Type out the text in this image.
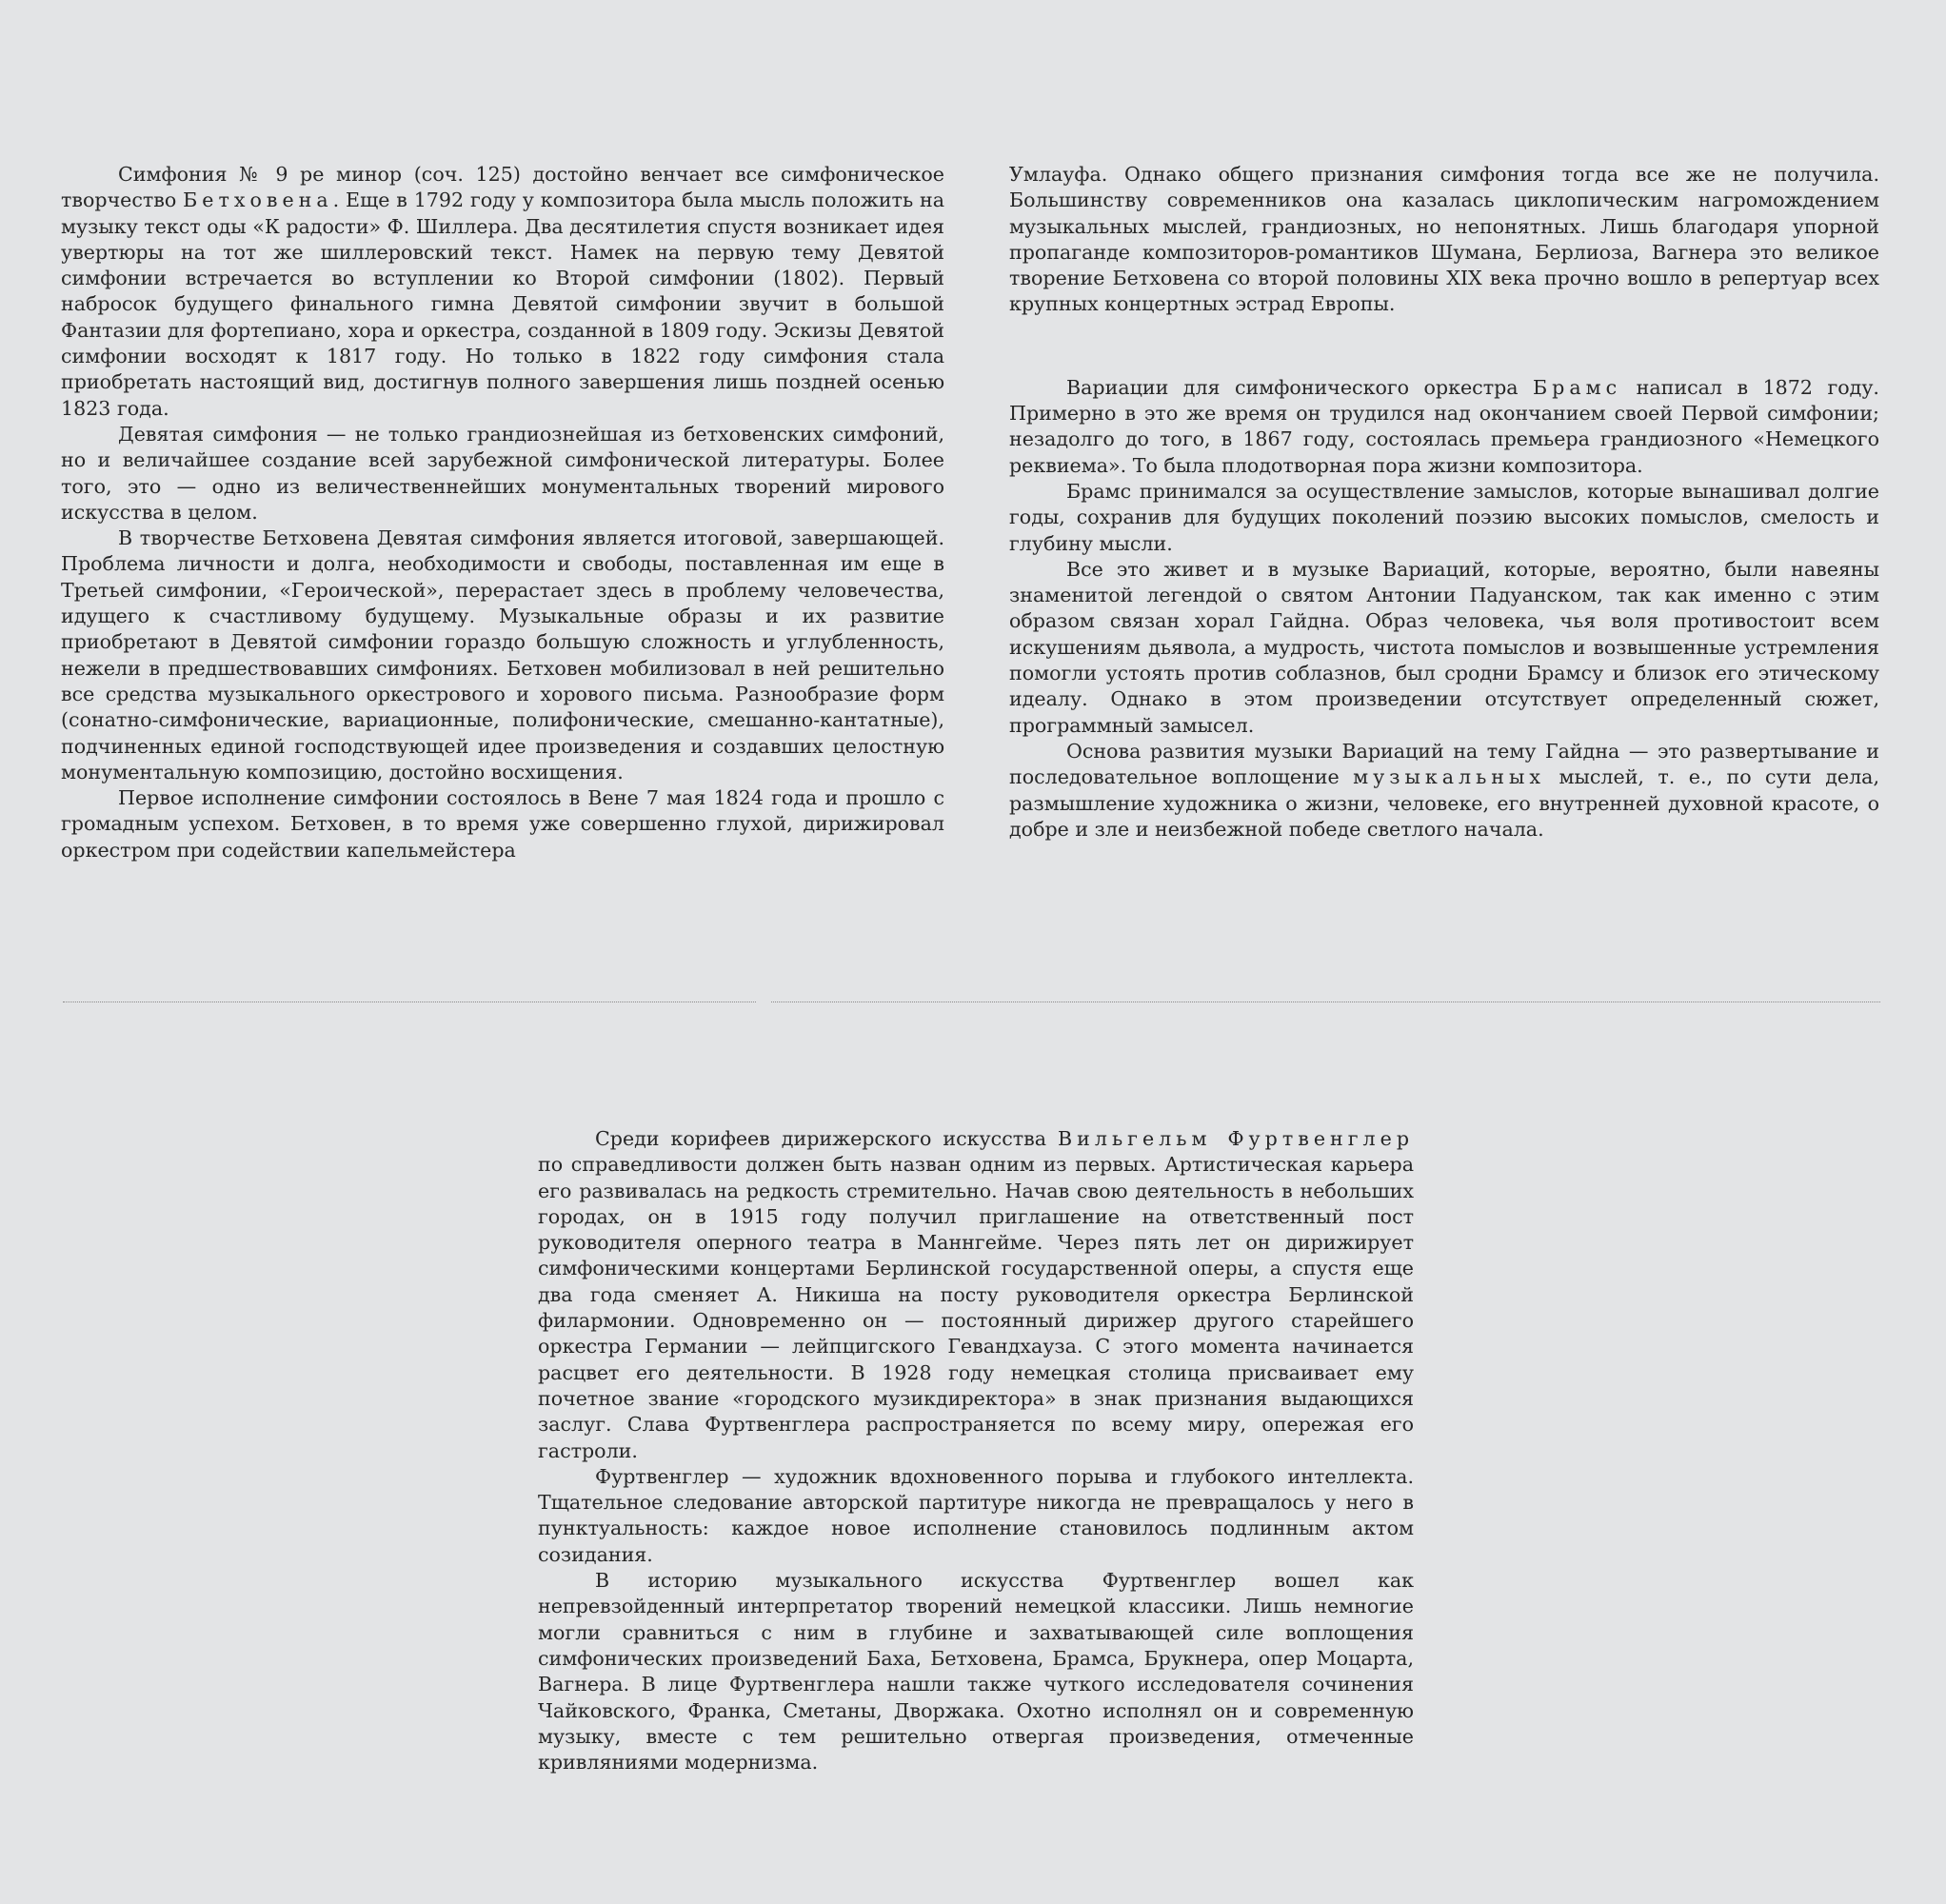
Симфония № 9 ре минор (соч. 125) достойно венчает все симфоническое творчество Бетховена. Еще в 1792 году у композитора была мысль положить на музыку текст оды «К радости» Ф. Шиллера. Два десятилетия спустя возникает идея увертюры на тот же шиллеровский текст. Намек на первую тему Девятой симфонии встречается во вступлении ко Второй симфонии (1802). Первый набросок будущего финального гимна Девятой симфонии звучит в большой Фантазии для фортепиано, хора и оркестра, созданной в 1809 году. Эскизы Девятой симфонии восходят к 1817 году. Но только в 1822 году симфония стала приобретать настоящий вид, достигнув полного завершения лишь поздней осенью 1823 года.

Девятая симфония — не только грандиознейшая из бетховенских симфоний, но и величайшее создание всей зарубежной симфонической литературы. Более того, это — одно из величественнейших монументальных творений мирового искусства в целом.

В творчестве Бетховена Девятая симфония является итоговой, завершающей. Проблема личности и долга, необходимости и свободы, поставленная им еще в Третьей симфонии, «Героической», перерастает здесь в проблему человечества, идущего к счастливому будущему. Музыкальные образы и их развитие приобретают в Девятой симфонии гораздо большую сложность и углубленность, нежели в предшествовавших симфониях. Бетховен мобилизовал в ней решительно все средства музыкального оркестрового и хорового письма. Разнообразие форм (сонатно-симфонические, вариационные, полифонические, смешанно-кантатные), подчиненных единой господствующей идее произведения и создавших целостную монументальную композицию, достойно восхищения.

Первое исполнение симфонии состоялось в Вене 7 мая 1824 года и прошло с громадным успехом. Бетховен, в то время уже совершенно глухой, дирижировал оркестром при содействии капельмейстера

Умлауфа. Однако общего признания симфония тогда все же не получила. Большинству современников она казалась циклопическим нагромождением музыкальных мыслей, грандиозных, но непонятных. Лишь благодаря упорной пропаганде композиторов-романтиков Шумана, Берлиоза, Вагнера это великое творение Бетховена со второй половины XIX века прочно вошло в репертуар всех крупных концертных эстрад Европы.

Вариации для симфонического оркестра Брамс написал в 1872 году. Примерно в это же время он трудился над окончанием своей Первой симфонии; незадолго до того, в 1867 году, состоялась премьера грандиозного «Немецкого реквиема». То была плодотворная пора жизни композитора.

Брамс принимался за осуществление замыслов, которые вынашивал долгие годы, сохранив для будущих поколений поэзию высоких помыслов, смелость и глубину мысли.

Все это живет и в музыке Вариаций, которые, вероятно, были навеяны знаменитой легендой о святом Антонии Падуанском, так как именно с этим образом связан хорал Гайдна. Образ человека, чья воля противостоит всем искушениям дьявола, а мудрость, чистота помыслов и возвышенные устремления помогли устоять против соблазнов, был сродни Брамсу и близок его этическому идеалу. Однако в этом произведении отсутствует определенный сюжет, программный замысел.

Основа развития музыки Вариаций на тему Гайдна — это развертывание и последовательное воплощение музыкальных мыслей, т. е., по сути дела, размышление художника о жизни, человеке, его внутренней духовной красоте, о добре и зле и неизбежной победе светлого начала.

Среди корифеев дирижерского искусства Вильгельм Фуртвенглер по справедливости должен быть назван одним из первых. Артистическая карьера его развивалась на редкость стремительно. Начав свою деятельность в небольших городах, он в 1915 году получил приглашение на ответственный пост руководителя оперного театра в Маннгейме. Через пять лет он дирижирует симфоническими концертами Берлинской государственной оперы, а спустя еще два года сменяет А. Никиша на посту руководителя оркестра Берлинской филармонии. Одновременно он — постоянный дирижер другого старейшего оркестра Германии — лейпцигского Гевандхауза. С этого момента начинается расцвет его деятельности. В 1928 году немецкая столица присваивает ему почетное звание «городского музикдиректора» в знак признания выдающихся заслуг. Слава Фуртвенглера распространяется по всему миру, опережая его гастроли.

Фуртвенглер — художник вдохновенного порыва и глубокого интеллекта. Тщательное следование авторской партитуре никогда не превращалось у него в пунктуальность: каждое новое исполнение становилось подлинным актом созидания.

В историю музыкального искусства Фуртвенглер вошел как непревзойденный интерпретатор творений немецкой классики. Лишь немногие могли сравниться с ним в глубине и захватывающей силе воплощения симфонических произведений Баха, Бетховена, Брамса, Брукнера, опер Моцарта, Вагнера. В лице Фуртвенглера нашли также чуткого исследователя сочинения Чайковского, Франка, Сметаны, Дворжака. Охотно исполнял он и современную музыку, вместе с тем решительно отвергая произведения, отмеченные кривляниями модернизма.
